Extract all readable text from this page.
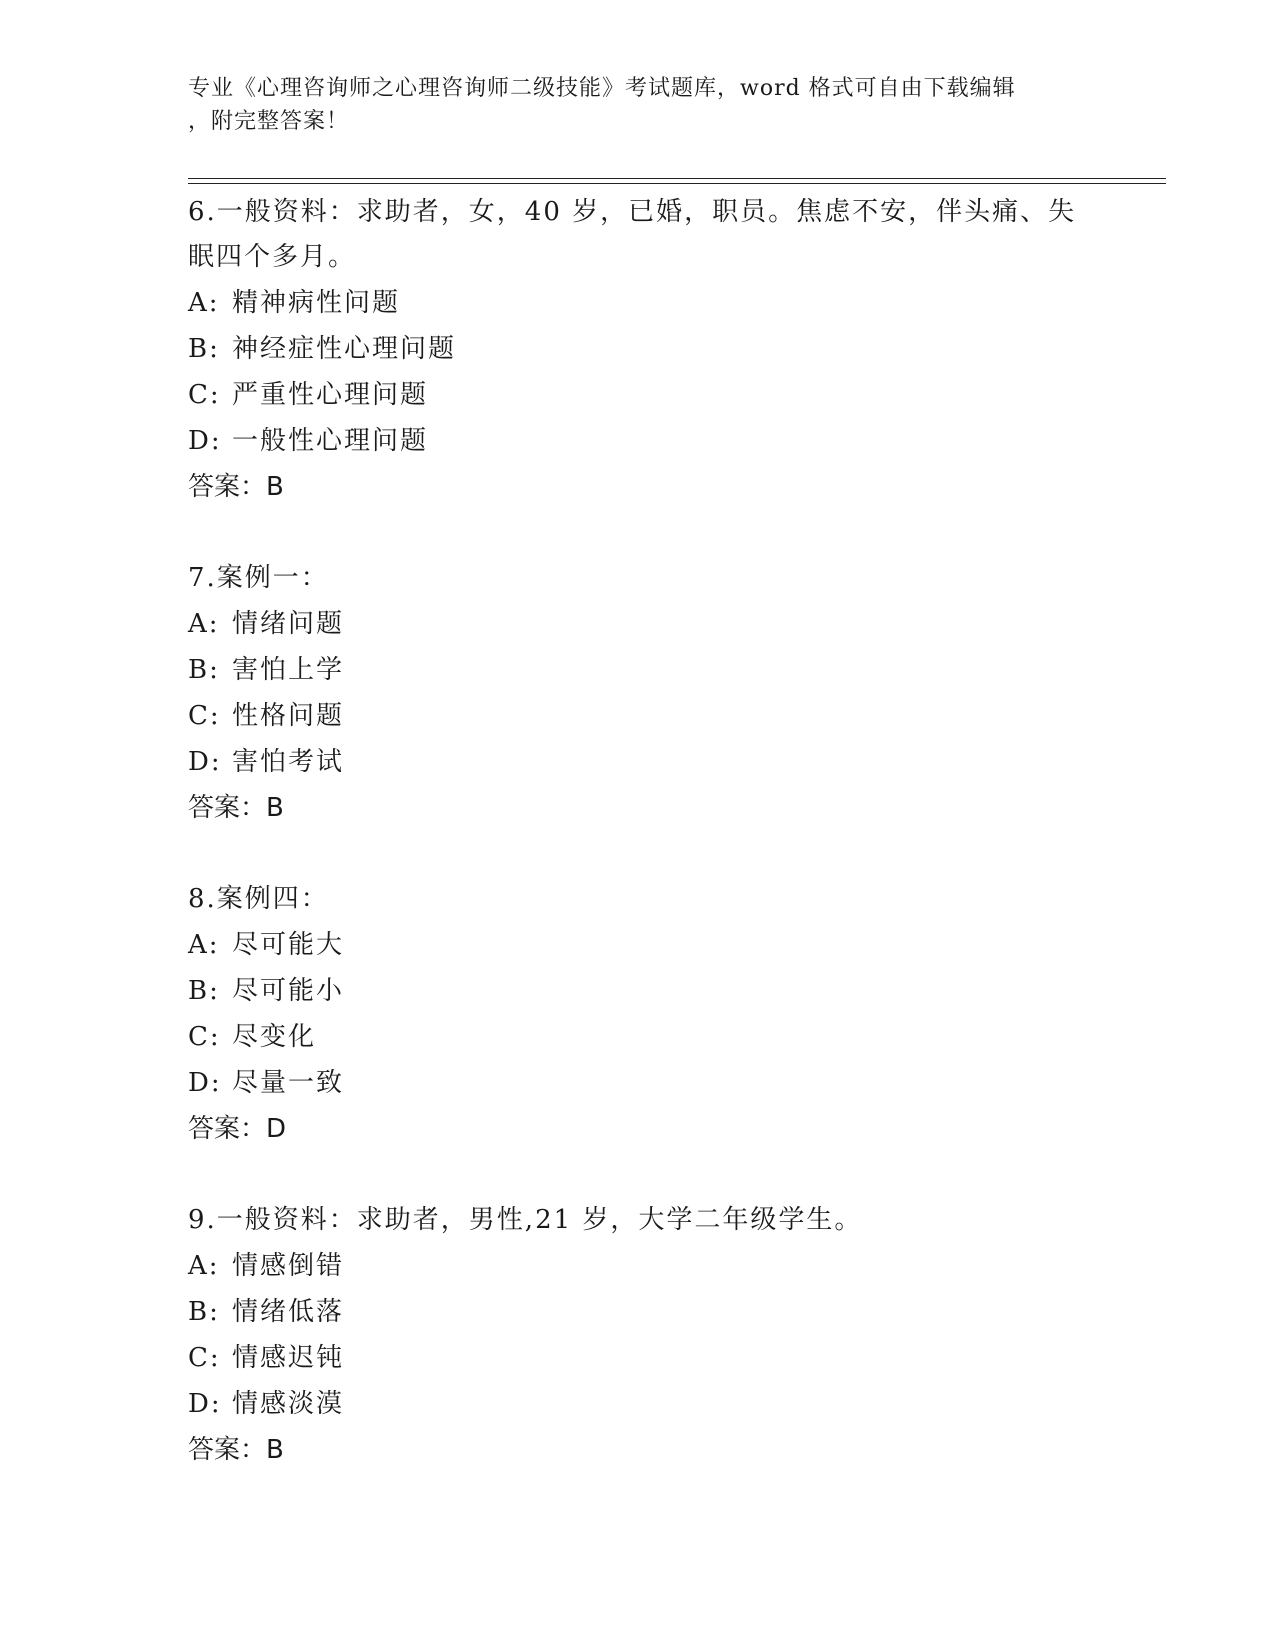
专业《心理咨询师之心理咨询师二级技能》考试题库，word 格式可自由下载编辑
，附完整答案！

6.一般资料：求助者，女，40 岁，已婚，职员。焦虑不安，伴头痛、失眠四个多月。

A: 精神病性问题

B: 神经症性心理问题

C: 严重性心理问题

D: 一般性心理问题

答案：B

7.案例一：

A: 情绪问题

B: 害怕上学

C: 性格问题

D: 害怕考试

答案：B

8.案例四：

A: 尽可能大

B: 尽可能小

C: 尽变化

D: 尽量一致

答案：D

9.一般资料：求助者，男性,21 岁，大学二年级学生。

A: 情感倒错

B: 情绪低落

C: 情感迟钝

D: 情感淡漠

答案：B
